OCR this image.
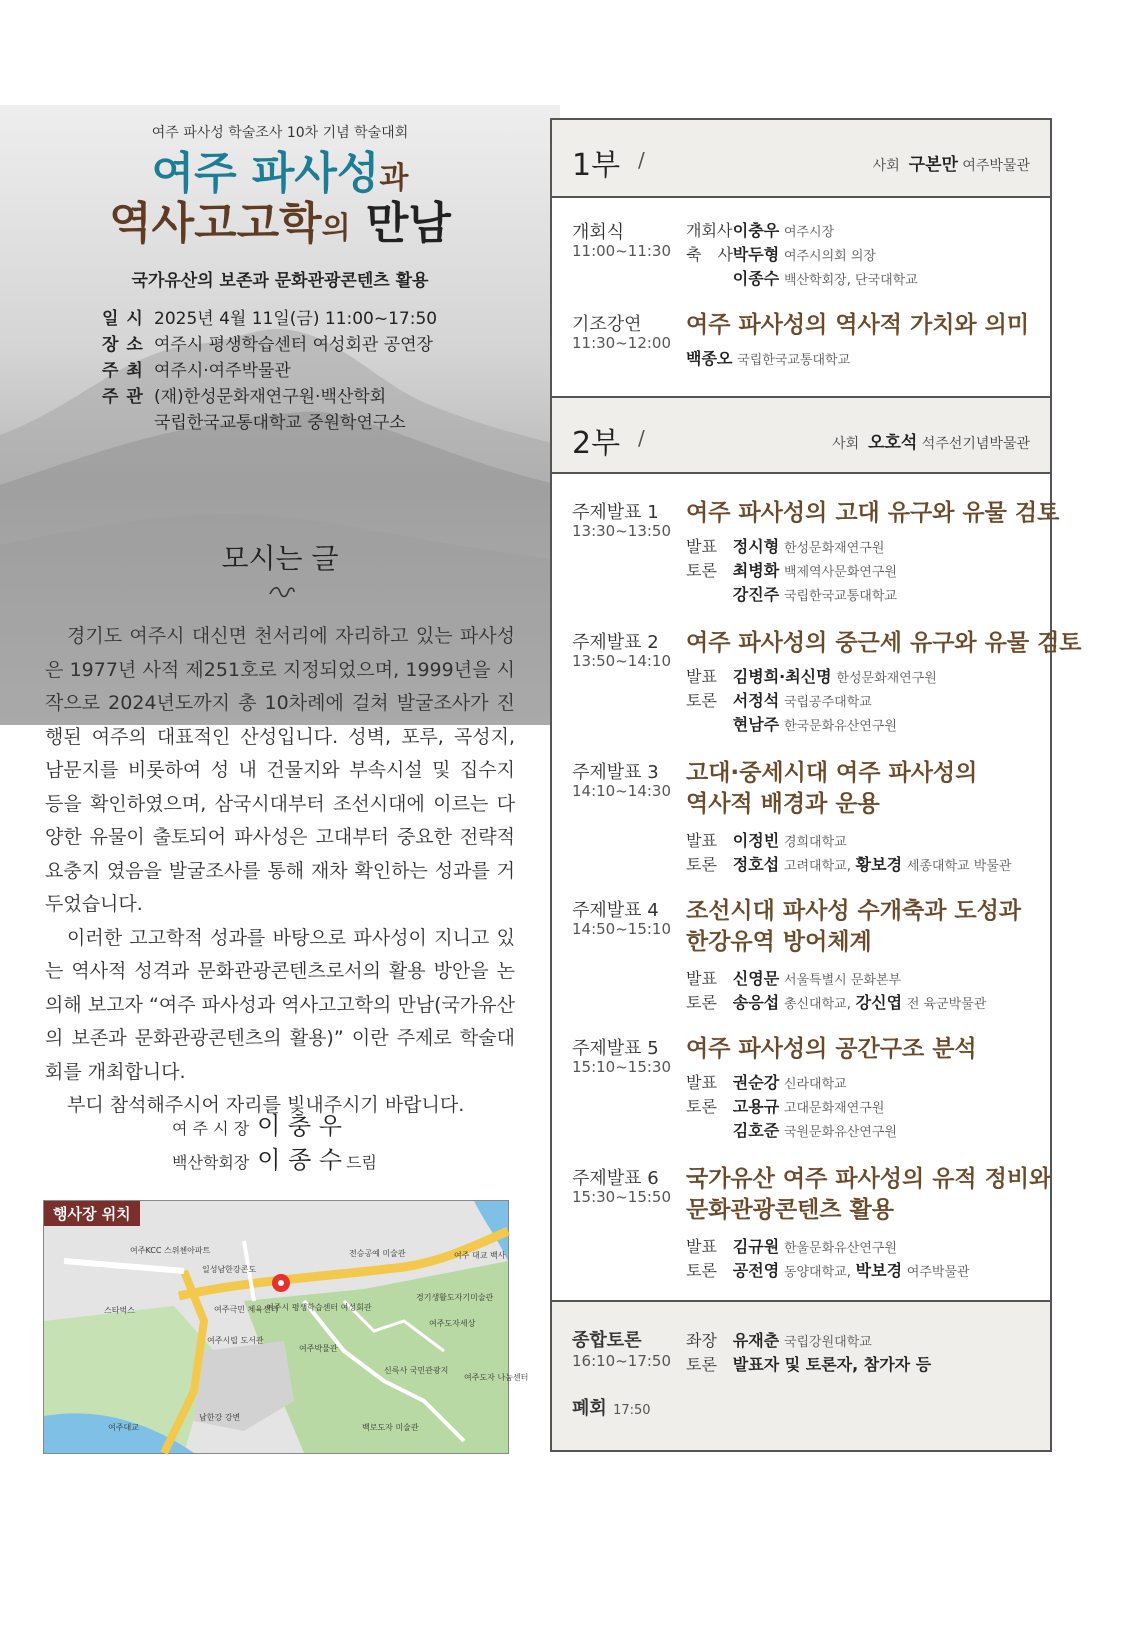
여주 파사성 학술조사 10차 기념 학술대회
여주 파사성과
역사고고학의 만남
국가유산의 보존과 문화관광콘텐츠 활용
일 시 2025년 4월 11일(금) 11:00~17:50
장 소 여주시 평생학습센터 여성회관 공연장
주 최 여주시·여주박물관
주 관 (재)한성문화재연구원·백산학회
국립한국교통대학교 중원학연구소
모시는 글

경기도 여주시 대신면 천서리에 자리하고 있는 파사성은 1977년 사적 제251호로 지정되었으며, 1999년을 시작으로 2024년도까지 총 10차례에 걸쳐 발굴조사가 진행된 여주의 대표적인 산성입니다. 성벽, 포루, 곡성지, 남문지를 비롯하여 성 내 건물지와 부속시설 및 집수지 등을 확인하였으며, 삼국시대부터 조선시대에 이르는 다양한 유물이 출토되어 파사성은 고대부터 중요한 전략적 요충지 였음을 발굴조사를 통해 재차 확인하는 성과를 거두었습니다.

이러한 고고학적 성과를 바탕으로 파사성이 지니고 있는 역사적 성격과 문화관광콘텐츠로서의 활용 방안을 논의해 보고자 “여주 파사성과 역사고고학의 만남(국가유산의 보존과 문화관광콘텐츠의 활용)” 이란 주제로 학술대회를 개최합니다.

부디 참석해주시어 자리를 빛내주시기 바랍니다.

여 주 시 장 이 충 우
백산학회장 이 종 수 드림
행사장 위치
여주KCC 스위첸아파트
일성남한강콘도
전승공예 미술관
스타벅스	여주극민 체육센터
여주시 평생학습센터 여성회관
여주시립 도서관
여주박물관
경기생활도자기미술관
여주도자세상
신륵사 국민관광지
여주도자 나눔센터
남한강 강변
여주대교	백로도자 미술관
여주 대교 백사
1부 /	사회 구본만 여주박물관
개회식
11:00~11:30
개회사 이충우 여주시장
축　사 박두형 여주시의회 의장
이종수 백산학회장, 단국대학교
기조강연
11:30~12:00
여주 파사성의 역사적 가치와 의미
백종오 국립한국교통대학교
2부 /	사회 오호석 석주선기념박물관
주제발표 1
13:30~13:50
여주 파사성의 고대 유구와 유물 검토
발표 정시형 한성문화재연구원
토론 최병화 백제역사문화연구원
강진주 국립한국교통대학교
주제발표 2
13:50~14:10
여주 파사성의 중근세 유구와 유물 검토
발표 김병희·최신명 한성문화재연구원
토론 서정석 국립공주대학교
현남주 한국문화유산연구원
주제발표 3
14:10~14:30
고대·중세시대 여주 파사성의
역사적 배경과 운용
발표 이정빈 경희대학교
토론 정호섭 고려대학교, 황보경 세종대학교 박물관
주제발표 4
14:50~15:10
조선시대 파사성 수개축과 도성과
한강유역 방어체계
발표 신영문 서울특별시 문화본부
토론 송응섭 총신대학교, 강신엽 전 육군박물관
주제발표 5
15:10~15:30
여주 파사성의 공간구조 분석
발표 권순강 신라대학교
토론 고용규 고대문화재연구원
김호준 국원문화유산연구원
주제발표 6
15:30~15:50
국가유산 여주 파사성의 유적 정비와
문화관광콘텐츠 활용
발표 김규원 한울문화유산연구원
토론 공전영 동양대학교, 박보경 여주박물관
종합토론
16:10~17:50
좌장 유재춘 국립강원대학교
토론 발표자 및 토론자, 참가자 등
폐회 17:50
